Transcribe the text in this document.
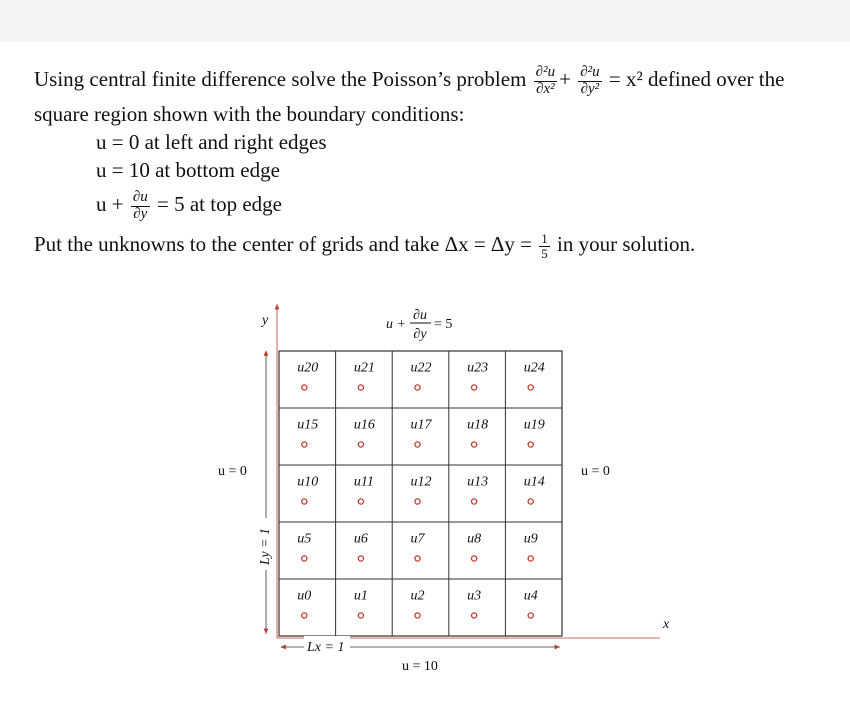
Using central finite difference solve the Poisson’s problem $\frac{\text{∂²u}}{\text{∂x²}} + \frac{\text{∂²u}}{\text{∂y²}} = x^2$ defined over the
square region shown with the boundary conditions:
u = 0 at left and right edges
u = 10 at bottom edge
$u + \frac{\partial u}{\partial y} = 5$ at top edge
Put the unknowns to the center of grids and take $\Delta x = \Delta y = \frac{1}{5}$ in your solution.
u +
∂u
∂y
= 5
y
x
Ly = 1
Lx = 1
u = 0	u = 0
u = 10
u0	u1	u2	u3	u4
u5	u6	u7	u8	u9
u10	u11	u12	u13	u14
u15	u16	u17	u18	u19
u20	u21	u22	u23	u24
